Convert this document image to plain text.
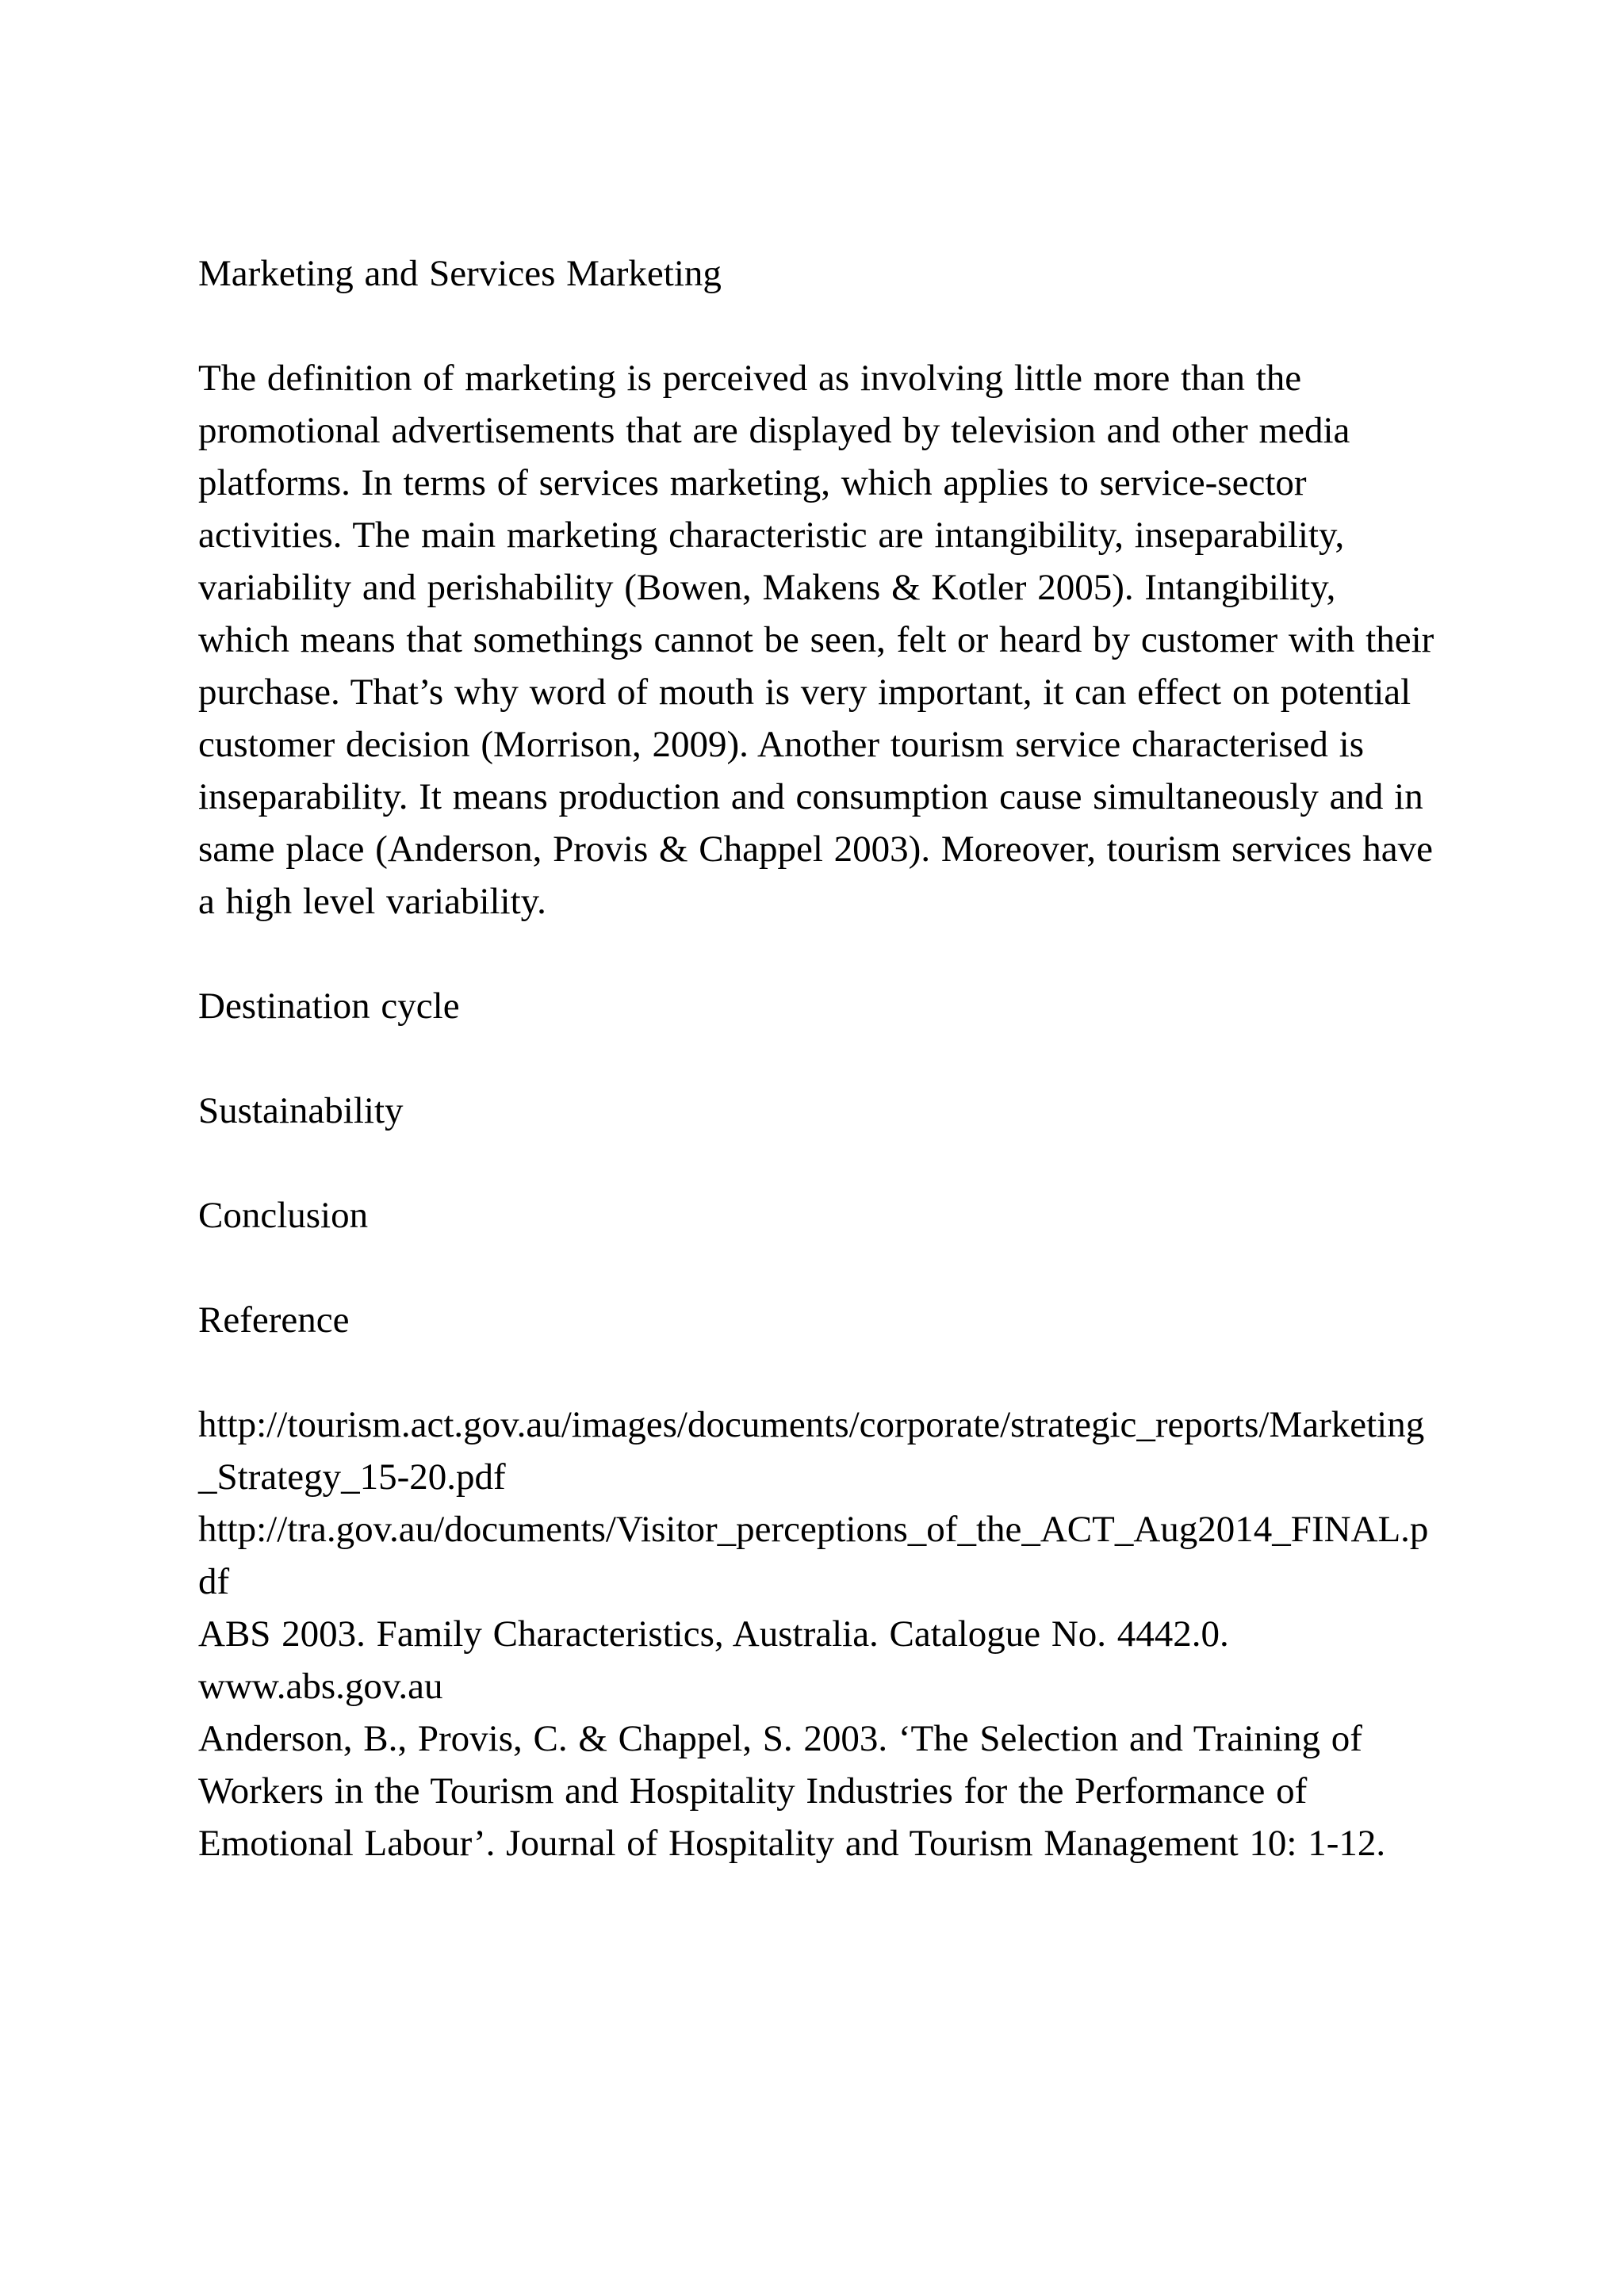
Marketing and Services Marketing

The definition of marketing is perceived as involving little more than the promotional advertisements that are displayed by television and other media platforms. In terms of services marketing, which applies to service-sector activities. The main marketing characteristic are intangibility, inseparability, variability and perishability (Bowen, Makens & Kotler 2005). Intangibility, which means that somethings cannot be seen, felt or heard by customer with their purchase. That’s why word of mouth is very important, it can effect on potential customer decision (Morrison, 2009). Another tourism service characterised is inseparability. It means production and consumption cause simultaneously and in same place (Anderson, Provis & Chappel 2003). Moreover, tourism services have a high level variability.

Destination cycle

Sustainability

Conclusion

Reference

http://tourism.act.gov.au/images/documents/corporate/strategic_reports/Marketing_Strategy_15-20.pdf

http://tra.gov.au/documents/Visitor_perceptions_of_the_ACT_Aug2014_FINAL.pdf

ABS 2003. Family Characteristics, Australia. Catalogue No. 4442.0. www.abs.gov.au

Anderson, B., Provis, C. & Chappel, S. 2003. ‘The Selection and Training of Workers in the Tourism and Hospitality Industries for the Performance of Emotional Labour’. Journal of Hospitality and Tourism Management 10: 1-12.
